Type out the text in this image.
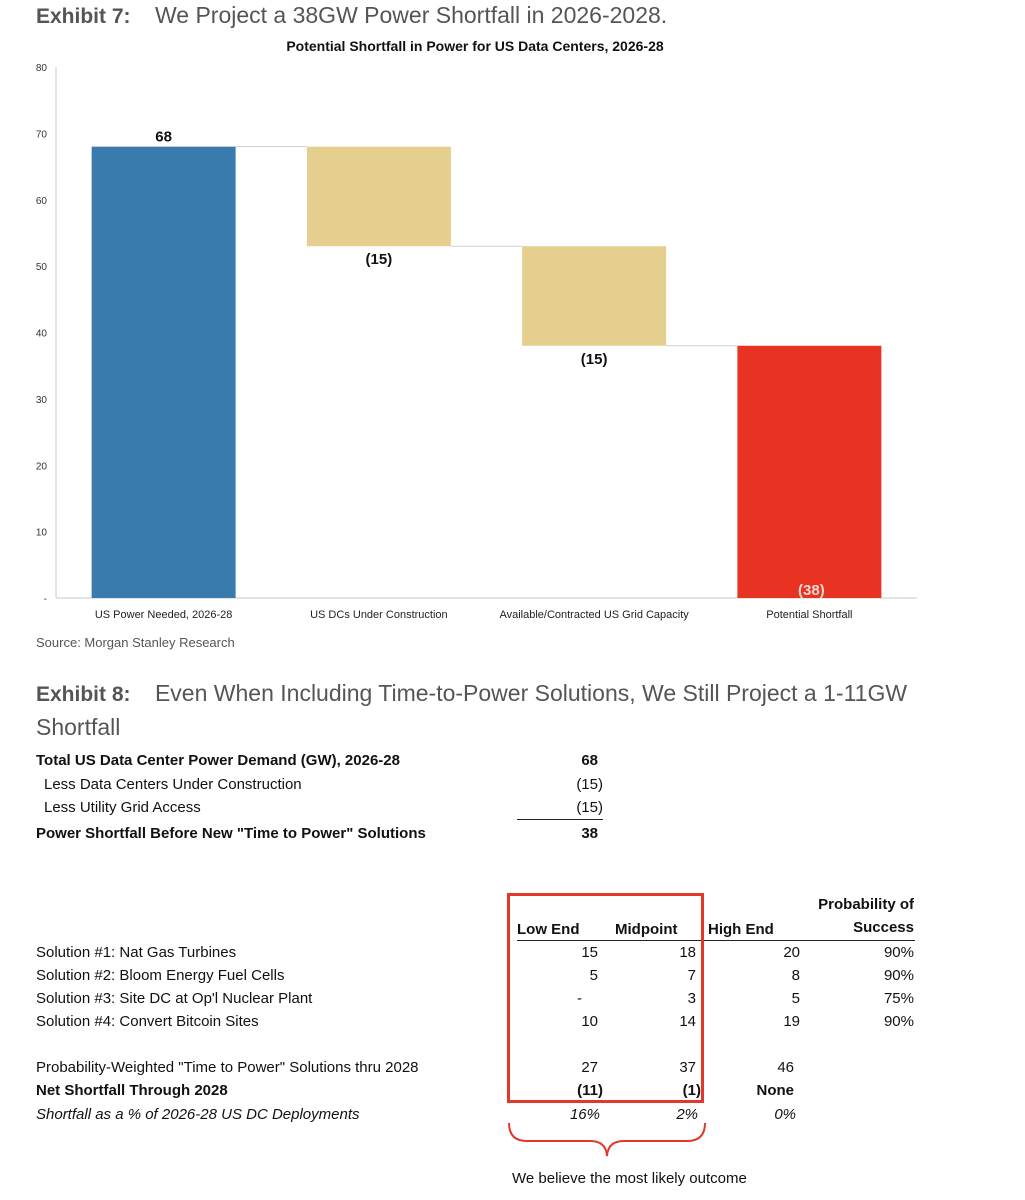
Exhibit 7: We Project a 38GW Power Shortfall in 2026-2028.
Potential Shortfall in Power for US Data Centers, 2026-28
-
10
20
30
40
50
60
70
80
68
US Power Needed, 2026-28
(15)
US DCs Under Construction
(15)
Available/Contracted US Grid Capacity
(38)
Potential Shortfall
Source: Morgan Stanley Research
Exhibit 8: Even When Including Time-to-Power Solutions, We Still Project a 1-11GW
Shortfall
Total US Data Center Power Demand (GW), 2026-28	68
Less Data Centers Under Construction	(15)
Less Utility Grid Access	(15)
Power Shortfall Before New "Time to Power" Solutions	38
Probability of
Success
Low End Midpoint High End
Solution #1: Nat Gas Turbines	15	18	20	90%
Solution #2: Bloom Energy Fuel Cells	5	7	8	90%
Solution #3: Site DC at Op'l Nuclear Plant	-	3	5	75%
Solution #4: Convert Bitcoin Sites	10	14	19	90%
Probability-Weighted "Time to Power" Solutions thru 2028	27	37	46
Net Shortfall Through 2028	(11)	(1)	None
Shortfall as a % of 2026-28 US DC Deployments	16%	2%	0%
We believe the most likely outcome
